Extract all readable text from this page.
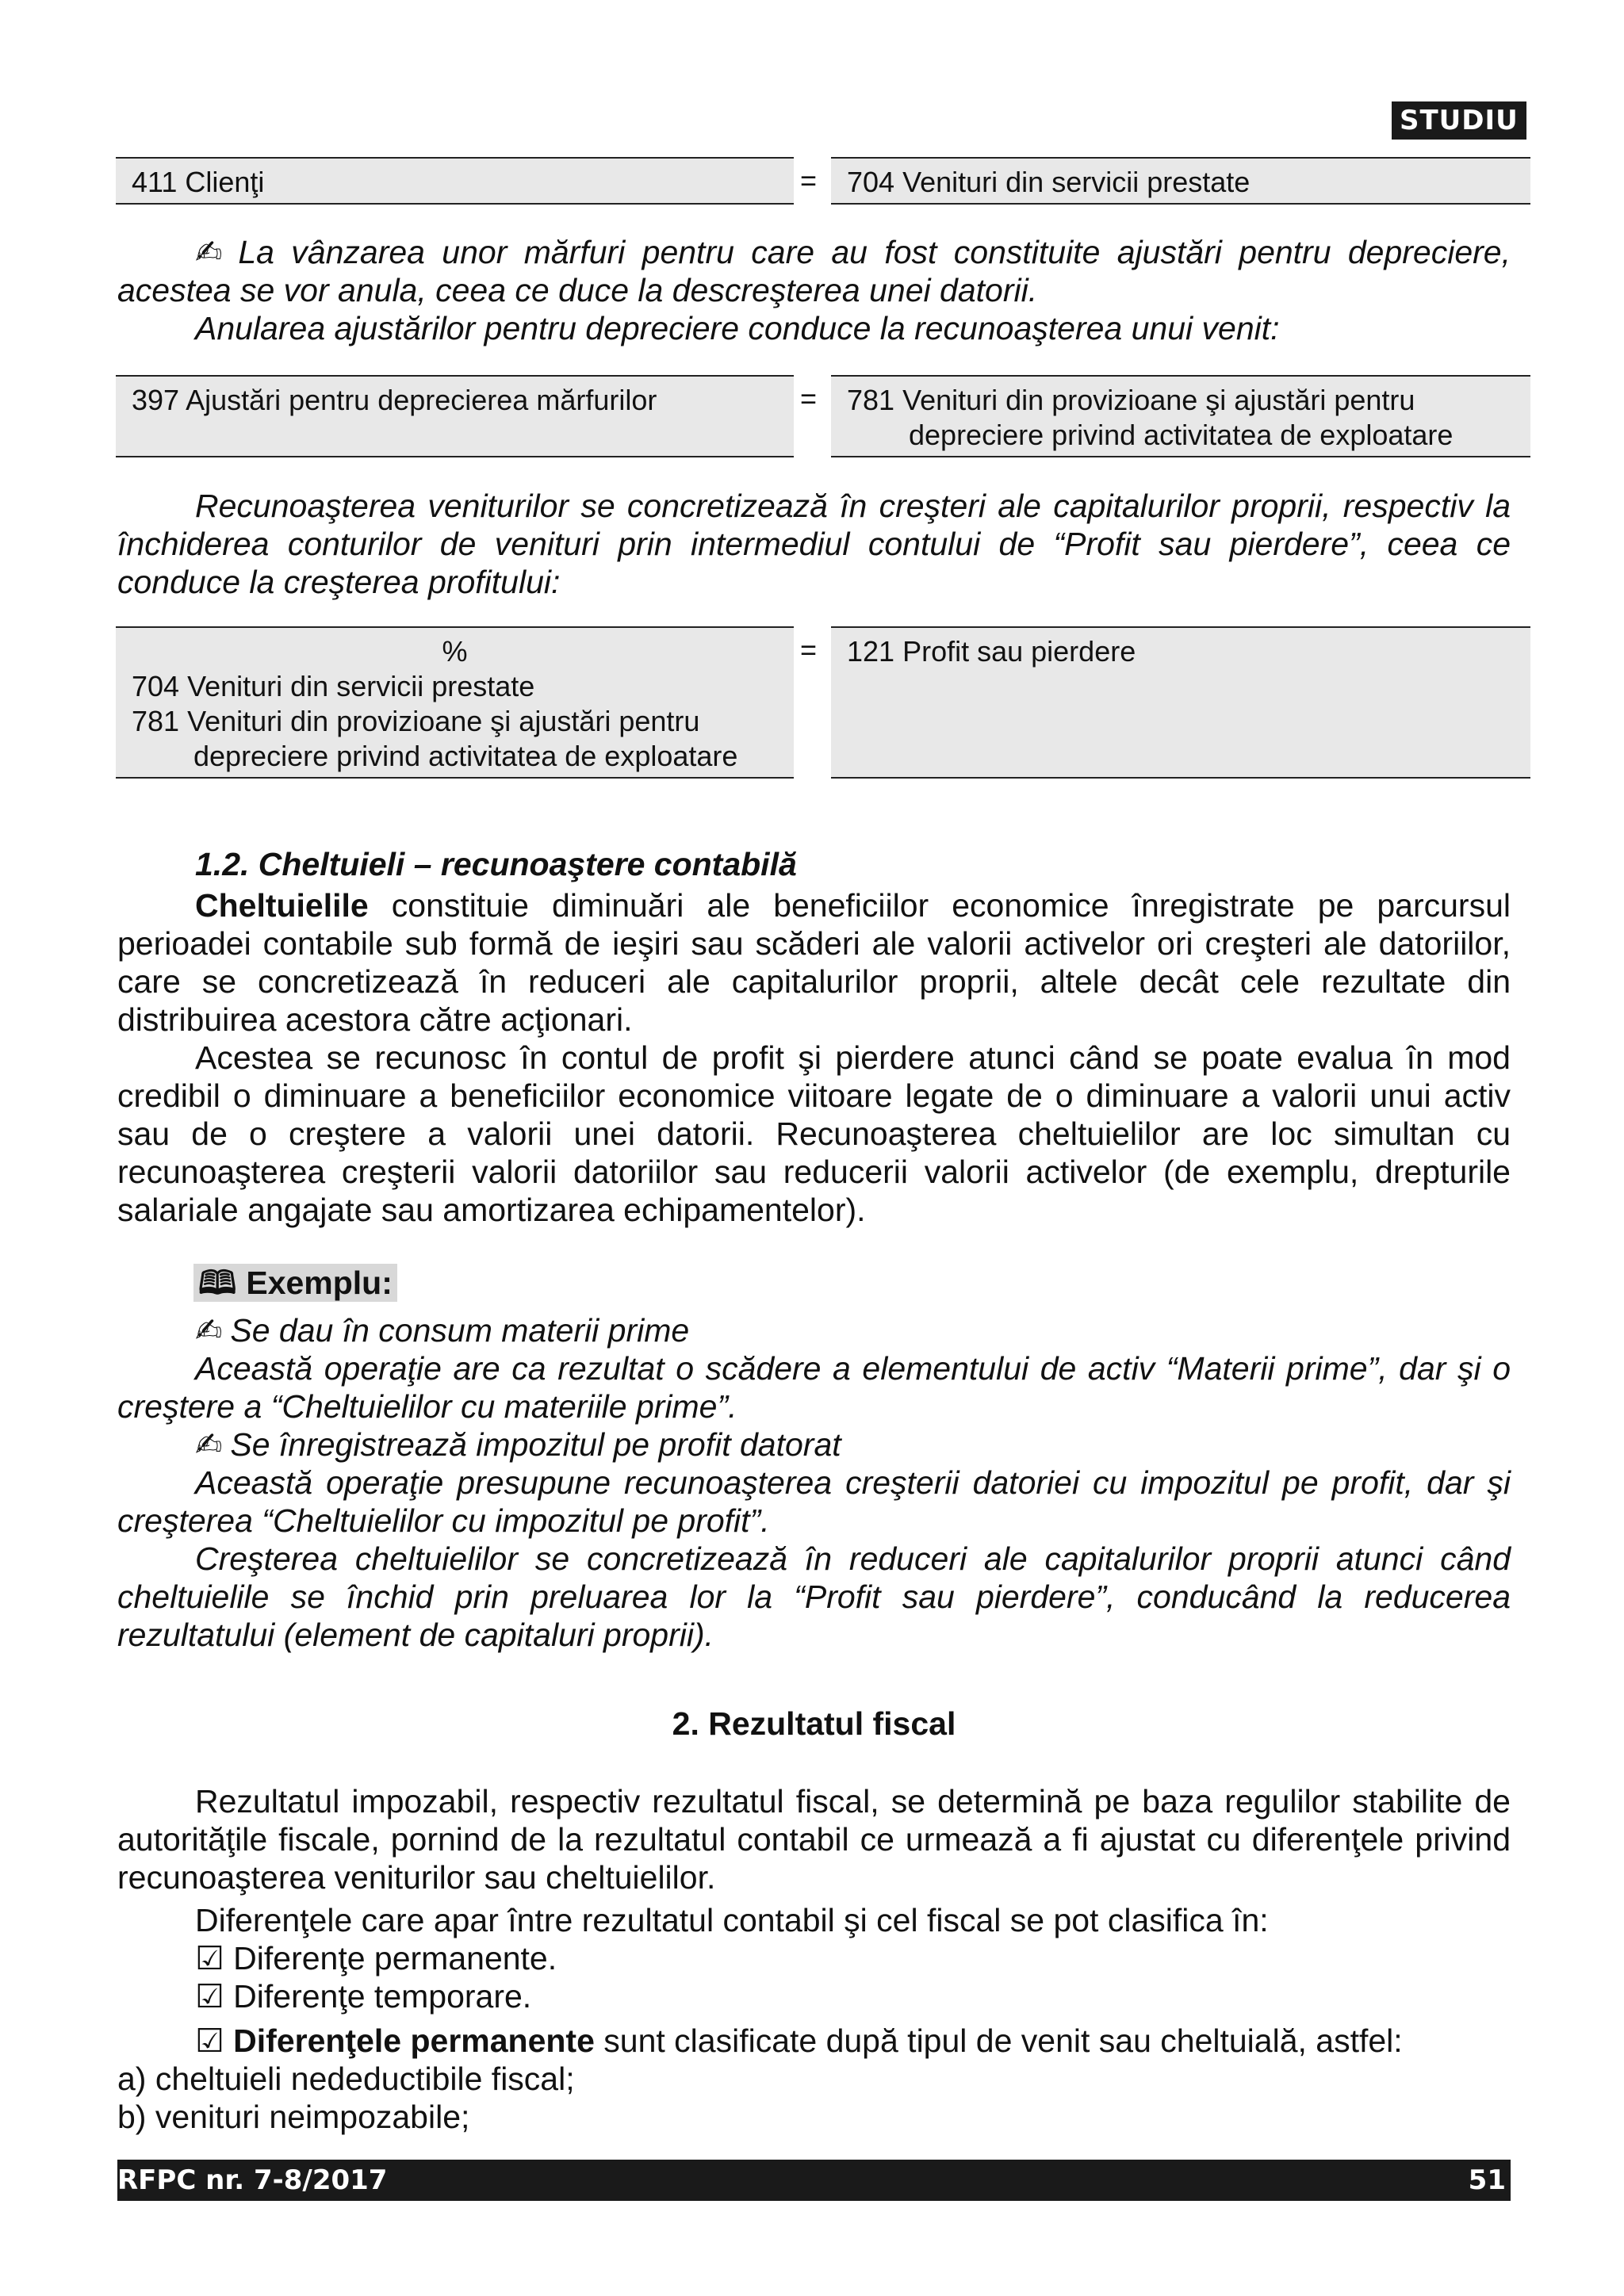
STUDIU
411 Clienţi	=	704 Venituri din servicii prestate
✍ La vânzarea unor mărfuri pentru care au fost constituite ajustări pentru depreciere, acestea se vor anula, ceea ce duce la descreşterea unei datorii.
Anularea ajustărilor pentru depreciere conduce la recunoaşterea unui venit:
397 Ajustări pentru deprecierea mărfurilor	= 781 Venituri din provizioane şi ajustări pentru
depreciere privind activitatea de exploatare
Recunoaşterea veniturilor se concretizează în creşteri ale capitalurilor proprii, respectiv la închiderea conturilor de venituri prin intermediul contului de “Profit sau pierdere”, ceea ce conduce la creşterea profitului:
%
704 Venituri din servicii prestate
781 Venituri din provizioane şi ajustări pentru
depreciere privind activitatea de exploatare
=	121 Profit sau pierdere
1.2. Cheltuieli – recunoaştere contabilă
Cheltuielile constituie diminuări ale beneficiilor economice înregistrate pe parcursul perioadei contabile sub formă de ieşiri sau scăderi ale valorii activelor ori creşteri ale datoriilor, care se concretizează în reduceri ale capitalurilor proprii, altele decât cele rezultate din distribuirea acestora către acţionari.
Acestea se recunosc în contul de profit şi pierdere atunci când se poate evalua în mod credibil o diminuare a beneficiilor economice viitoare legate de o diminuare a valorii unui activ sau de o creştere a valorii unei datorii. Recunoaşterea cheltuielilor are loc simultan cu recunoaşterea creşterii valorii datoriilor sau reducerii valorii activelor (de exemplu, drepturile salariale angajate sau amortizarea echipamentelor).
🕮 Exemplu:
✍ Se dau în consum materii prime
Această operaţie are ca rezultat o scădere a elementului de activ “Materii prime”, dar şi o creştere a “Cheltuielilor cu materiile prime”.
✍ Se înregistrează impozitul pe profit datorat
Această operaţie presupune recunoaşterea creşterii datoriei cu impozitul pe profit, dar şi creşterea “Cheltuielilor cu impozitul pe profit”.
Creşterea cheltuielilor se concretizează în reduceri ale capitalurilor proprii atunci când cheltuielile se închid prin preluarea lor la “Profit sau pierdere”, conducând la reducerea rezultatului (element de capitaluri proprii).
2. Rezultatul fiscal
Rezultatul impozabil, respectiv rezultatul fiscal, se determină pe baza regulilor stabilite de autorităţile fiscale, pornind de la rezultatul contabil ce urmează a fi ajustat cu diferenţele privind recunoaşterea veniturilor sau cheltuielilor.
Diferenţele care apar între rezultatul contabil şi cel fiscal se pot clasifica în:
☑ Diferenţe permanente.
☑ Diferenţe temporare.
☑ Diferenţele permanente sunt clasificate după tipul de venit sau cheltuială, astfel:
a) cheltuieli nedeductibile fiscal;
b) venituri neimpozabile;
RFPC nr. 7-8/2017	51
